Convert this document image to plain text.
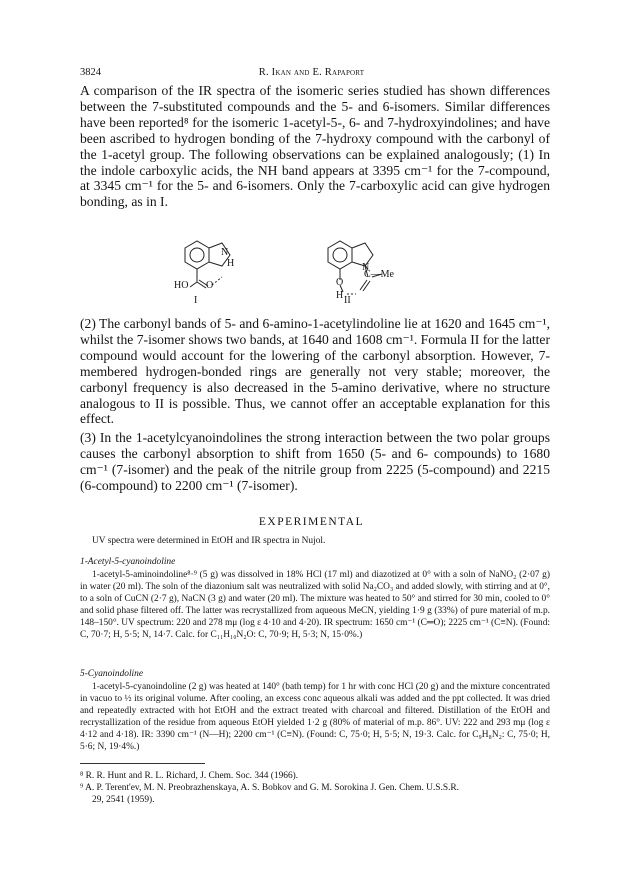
3824	R. Ikan and E. Rapaport

A comparison of the IR spectra of the isomeric series studied has shown differences between the 7-substituted compounds and the 5- and 6-isomers. Similar differences have been reported⁸ for the isomeric 1-acetyl-5-, 6- and 7-hydroxyindolines; and have been ascribed to hydrogen bonding of the 7-hydroxy compound with the carbonyl of the 1-acetyl group. The following observations can be explained analogously; (1) In the indole carboxylic acids, the NH band appears at 3395 cm⁻¹ for the 7-compound, at 3345 cm⁻¹ for the 5- and 6-isomers. Only the 7-carboxylic acid can give hydrogen bonding, as in I.

N
H
O
HO
I
N
C—Me
O
H II

(2) The carbonyl bands of 5- and 6-amino-1-acetylindoline lie at 1620 and 1645 cm⁻¹, whilst the 7-isomer shows two bands, at 1640 and 1608 cm⁻¹. Formula II for the latter compound would account for the lowering of the carbonyl absorption. However, 7-membered hydrogen-bonded rings are generally not very stable; moreover, the carbonyl frequency is also decreased in the 5-amino derivative, where no structure analogous to II is possible. Thus, we cannot offer an acceptable explanation for this effect.

(3) In the 1-acetylcyanoindolines the strong interaction between the two polar groups causes the carbonyl absorption to shift from 1650 (5- and 6- compounds) to 1680 cm⁻¹ (7-isomer) and the peak of the nitrile group from 2225 (5-compound) and 2215 (6-compound) to 2200 cm⁻¹ (7-isomer).

EXPERIMENTAL

UV spectra were determined in EtOH and IR spectra in Nujol.

1-Acetyl-5-cyanoindoline

1-acetyl-5-aminoindoline⁸·⁹ (5 g) was dissolved in 18% HCl (17 ml) and diazotized at 0° with a soln of NaNO₂ (2·07 g) in water (20 ml). The soln of the diazonium salt was neutralized with solid Na₂CO₃ and added slowly, with stirring and at 0°, to a soln of CuCN (2·7 g), NaCN (3 g) and water (20 ml). The mixture was heated to 50° and stirred for 30 min, cooled to 0° and solid phase filtered off. The latter was recrystallized from aqueous MeCN, yielding 1·9 g (33%) of pure material of m.p. 148–150°. UV spectrum: 220 and 278 mμ (log ε 4·10 and 4·20). IR spectrum: 1650 cm⁻¹ (C═O); 2225 cm⁻¹ (C≡N). (Found: C, 70·7; H, 5·5; N, 14·7. Calc. for C₁₁H₁₀N₂O: C, 70·9; H, 5·3; N, 15·0%.)

5-Cyanoindoline

1-acetyl-5-cyanoindoline (2 g) was heated at 140° (bath temp) for 1 hr with conc HCl (20 g) and the mixture concentrated in vacuo to ½ its original volume. After cooling, an excess conc aqueous alkali was added and the ppt collected. It was dried and repeatedly extracted with hot EtOH and the extract treated with charcoal and filtered. Distillation of the EtOH and recrystallization of the residue from aqueous EtOH yielded 1·2 g (80% of material of m.p. 86°. UV: 222 and 293 mμ (log ε 4·12 and 4·18). IR: 3390 cm⁻¹ (N—H); 2200 cm⁻¹ (C≡N). (Found: C, 75·0; H, 5·5; N, 19·3. Calc. for C₉H₈N₂: C, 75·0; H, 5·6; N, 19·4%.)

⁸ R. R. Hunt and R. L. Richard, J. Chem. Soc. 344 (1966).

⁹ A. P. Terent'ev, M. N. Preobrazhenskaya, A. S. Bobkov and G. M. Sorokina J. Gen. Chem. U.S.S.R.

29, 2541 (1959).
